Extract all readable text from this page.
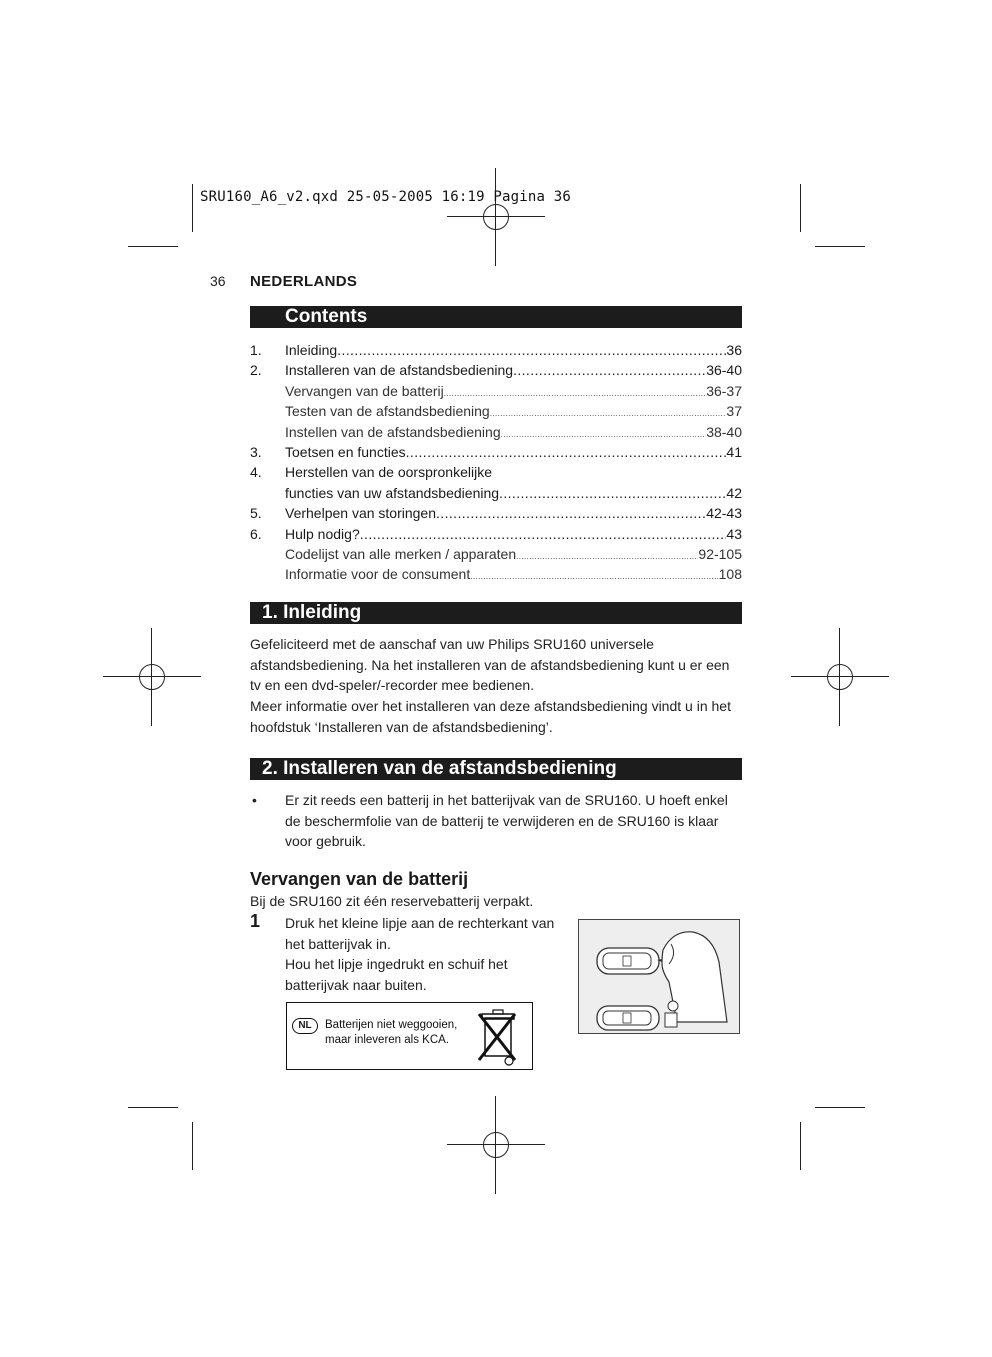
SRU160_A6_v2.qxd 25-05-2005 16:19 Pagina 36
36 NEDERLANDS
Contents
1.	Inleiding .....	36
2.	Installeren van de afstandsbediening .....	36-40
Vervangen van de batterij .....	36-37
Testen van de afstandsbediening .....	37
Instellen van de afstandsbediening .....	38-40
3.	Toetsen en functies .....	41
4.	Herstellen van de oorspronkelijke
functies van uw afstandsbediening .....	42
5.	Verhelpen van storingen .....	42-43
6.	Hulp nodig? .....	43
Codelijst van alle merken / apparaten .....	92-105
Informatie voor de consument .....	108
1. Inleiding
Gefeliciteerd met de aanschaf van uw Philips SRU160 universele afstandsbediening. Na het installeren van de afstandsbediening kunt u er een tv en een dvd-speler/-recorder mee bedienen.
Meer informatie over het installeren van deze afstandsbediening vindt u in het hoofdstuk ‘Installeren van de afstandsbediening’.
2. Installeren van de afstandsbediening
• Er zit reeds een batterij in het batterijvak van de SRU160. U hoeft enkel de beschermfolie van de batterij te verwijderen en de SRU160 is klaar voor gebruik.
Vervangen van de batterij
Bij de SRU160 zit één reservebatterij verpakt.
1 Druk het kleine lipje aan de rechterkant van het batterijvak in.
Hou het lipje ingedrukt en schuif het batterijvak naar buiten.
NL	Batterijen niet weggooien,
maar inleveren als KCA.
